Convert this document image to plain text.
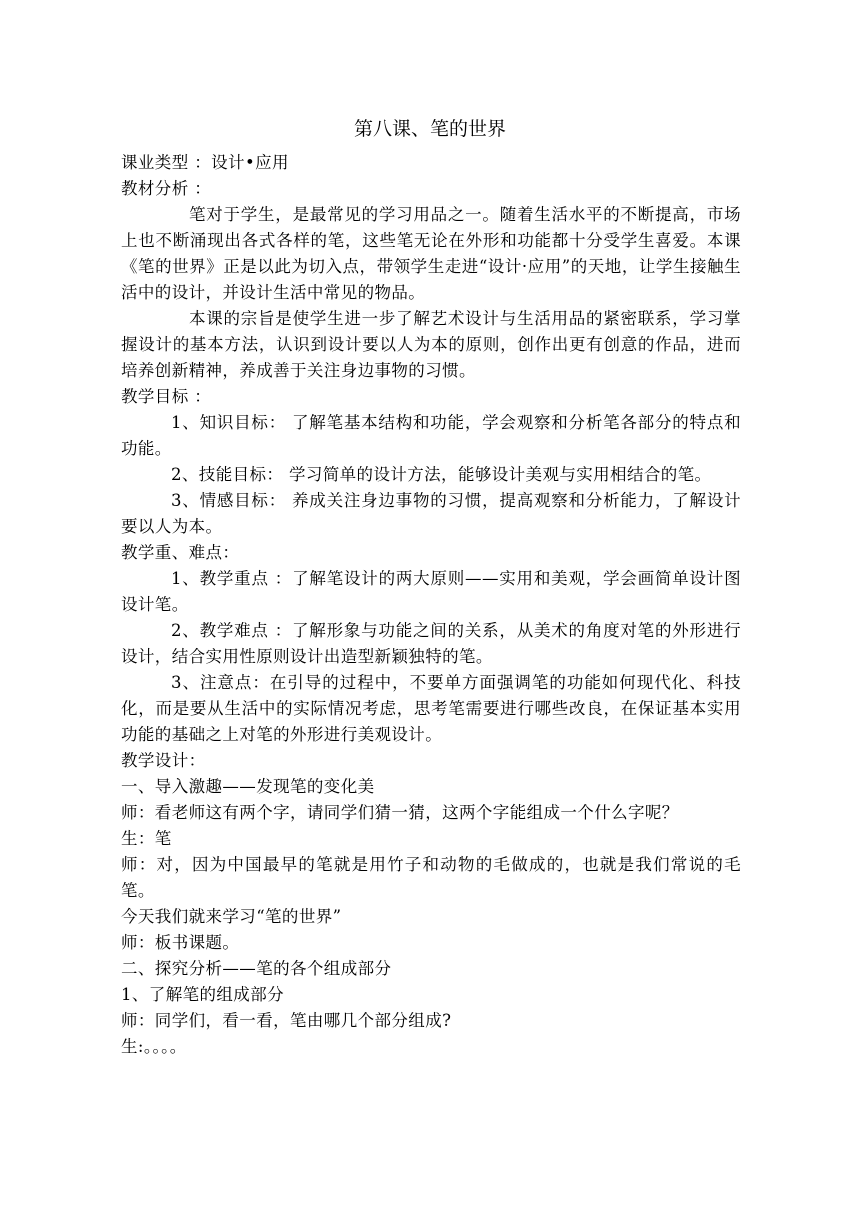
第八课、笔的世界

课业类型 ：设计•应用

教材分析 ：

笔对于学生，是最常见的学习用品之一。随着生活水平的不断提高，市场上也不断涌现出各式各样的笔，这些笔无论在外形和功能都十分受学生喜爱。本课《笔的世界》正是以此为切入点，带领学生走进“设计·应用”的天地，让学生接触生活中的设计，并设计生活中常见的物品。

本课的宗旨是使学生进一步了解艺术设计与生活用品的紧密联系，学习掌握设计的基本方法，认识到设计要以人为本的原则，创作出更有创意的作品，进而培养创新精神，养成善于关注身边事物的习惯。

教学目标 ：

1、知识目标： 了解笔基本结构和功能，学会观察和分析笔各部分的特点和功能。

2、技能目标： 学习简单的设计方法，能够设计美观与实用相结合的笔。

3、情感目标： 养成关注身边事物的习惯，提高观察和分析能力，了解设计要以人为本。

教学重、难点：

1、教学重点 ：了解笔设计的两大原则——实用和美观，学会画简单设计图设计笔。

2、教学难点 ：了解形象与功能之间的关系，从美术的角度对笔的外形进行设计，结合实用性原则设计出造型新颖独特的笔。

3、注意点：在引导的过程中，不要单方面强调笔的功能如何现代化、科技化，而是要从生活中的实际情况考虑，思考笔需要进行哪些改良，在保证基本实用功能的基础之上对笔的外形进行美观设计。

教学设计：

一、导入激趣——发现笔的变化美

师：看老师这有两个字，请同学们猜一猜，这两个字能组成一个什么字呢？

生：笔

师：对，因为中国最早的笔就是用竹子和动物的毛做成的，也就是我们常说的毛笔。

今天我们就来学习“笔的世界”

师：板书课题。

二、探究分析——笔的各个组成部分

1、了解笔的组成部分

师：同学们，看一看，笔由哪几个部分组成?

生:。。。。
